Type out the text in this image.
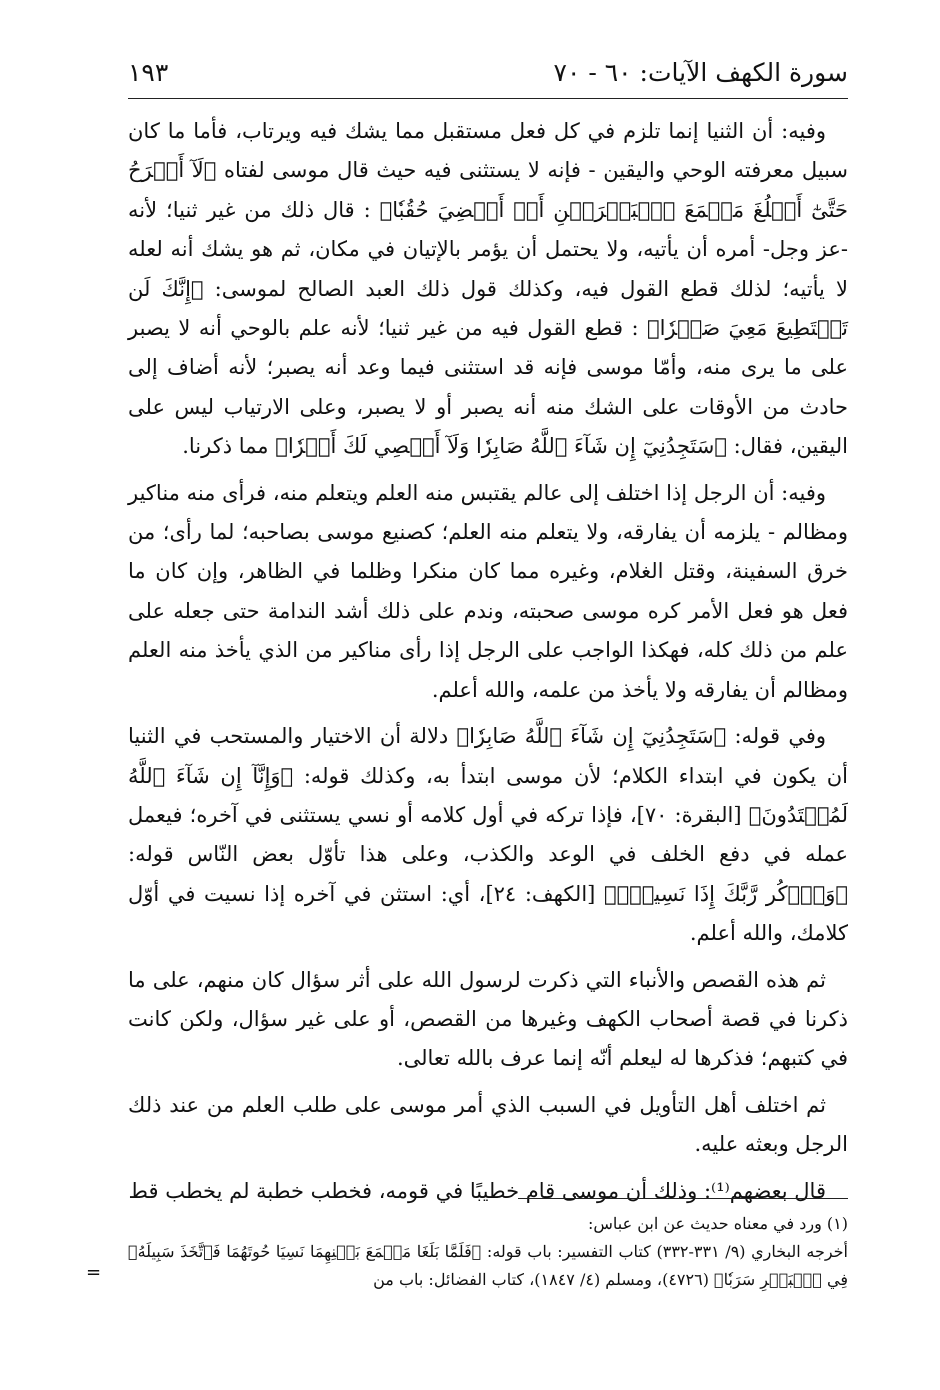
سورة الكهف الآيات: ٦٠ - ٧٠
١٩٣

وفيه: أن الثنيا إنما تلزم في كل فعل مستقبل مما يشك فيه ويرتاب، فأما ما كان سبيل معرفته الوحي واليقين - فإنه لا يستثنى فيه حيث قال موسى لفتاه ﴿لَآ أَبۡرَحُ حَتَّىٰٓ أَبۡلُغَ مَجۡمَعَ ٱلۡبَحۡرَيۡنِ أَوۡ أَمۡضِيَ حُقُبٗا﴾ : قال ذلك من غير ثنيا؛ لأنه -عز وجل- أمره أن يأتيه، ولا يحتمل أن يؤمر بالإتيان في مكان، ثم هو يشك أنه لعله لا يأتيه؛ لذلك قطع القول فيه، وكذلك قول ذلك العبد الصالح لموسى: ﴿إِنَّكَ لَن تَسۡتَطِيعَ مَعِيَ صَبۡرٗا﴾ : قطع القول فيه من غير ثنيا؛ لأنه علم بالوحي أنه لا يصبر على ما يرى منه، وأمّا موسى فإنه قد استثنى فيما وعد أنه يصبر؛ لأنه أضاف إلى حادث من الأوقات على الشك منه أنه يصبر أو لا يصبر، وعلى الارتياب ليس على اليقين، فقال: ﴿سَتَجِدُنِيٓ إِن شَآءَ ٱللَّهُ صَابِرٗا وَلَآ أَعۡصِي لَكَ أَمۡرٗا﴾ مما ذكرنا.

وفيه: أن الرجل إذا اختلف إلى عالم يقتبس منه العلم ويتعلم منه، فرأى منه مناكير ومظالم - يلزمه أن يفارقه، ولا يتعلم منه العلم؛ كصنيع موسى بصاحبه؛ لما رأى؛ من خرق السفينة، وقتل الغلام، وغيره مما كان منكرا وظلما في الظاهر، وإن كان ما فعل هو فعل الأمر كره موسى صحبته، وندم على ذلك أشد الندامة حتى جعله على علم من ذلك كله، فهكذا الواجب على الرجل إذا رأى مناكير من الذي يأخذ منه العلم ومظالم أن يفارقه ولا يأخذ من علمه، والله أعلم.

وفي قوله: ﴿سَتَجِدُنِيٓ إِن شَآءَ ٱللَّهُ صَابِرٗا﴾ دلالة أن الاختيار والمستحب في الثنيا أن يكون في ابتداء الكلام؛ لأن موسى ابتدأ به، وكذلك قوله: ﴿وَإِنَّآ إِن شَآءَ ٱللَّهُ لَمُهۡتَدُونَ﴾ [البقرة: ٧٠]، فإذا تركه في أول كلامه أو نسي يستثنى في آخره؛ فيعمل عمله في دفع الخلف في الوعد والكذب، وعلى هذا تأوّل بعض النّاس قوله: ﴿وَٱذۡكُر رَّبَّكَ إِذَا نَسِيتَۚ﴾ [الكهف: ٢٤]، أي: استثن في آخره إذا نسيت في أوّل كلامك، والله أعلم.

ثم هذه القصص والأنباء التي ذكرت لرسول الله على أثر سؤال كان منهم، على ما ذكرنا في قصة أصحاب الكهف وغيرها من القصص، أو على غير سؤال، ولكن كانت في كتبهم؛ فذكرها له ليعلم أنّه إنما عرف بالله تعالى.

ثم اختلف أهل التأويل في السبب الذي أمر موسى على طلب العلم من عند ذلك الرجل وبعثه عليه.

قال بعضهم⁽¹⁾: وذلك أن موسى قام خطيبًا في قومه، فخطب خطبة لم يخطب قط

(١) ورد في معناه حديث عن ابن عباس:

أخرجه البخاري (٩/ ٣٣١-٣٣٢) كتاب التفسير: باب قوله: ﴿فَلَمَّا بَلَغَا مَجۡمَعَ بَيۡنِهِمَا نَسِيَا حُوتَهُمَا فَٱتَّخَذَ سَبِيلَهُۥ فِي ٱلۡبَحۡرِ سَرَبٗا﴾ (٤٧٢٦)، ومسلم (٤/ ١٨٤٧)، كتاب الفضائل: باب من

=
